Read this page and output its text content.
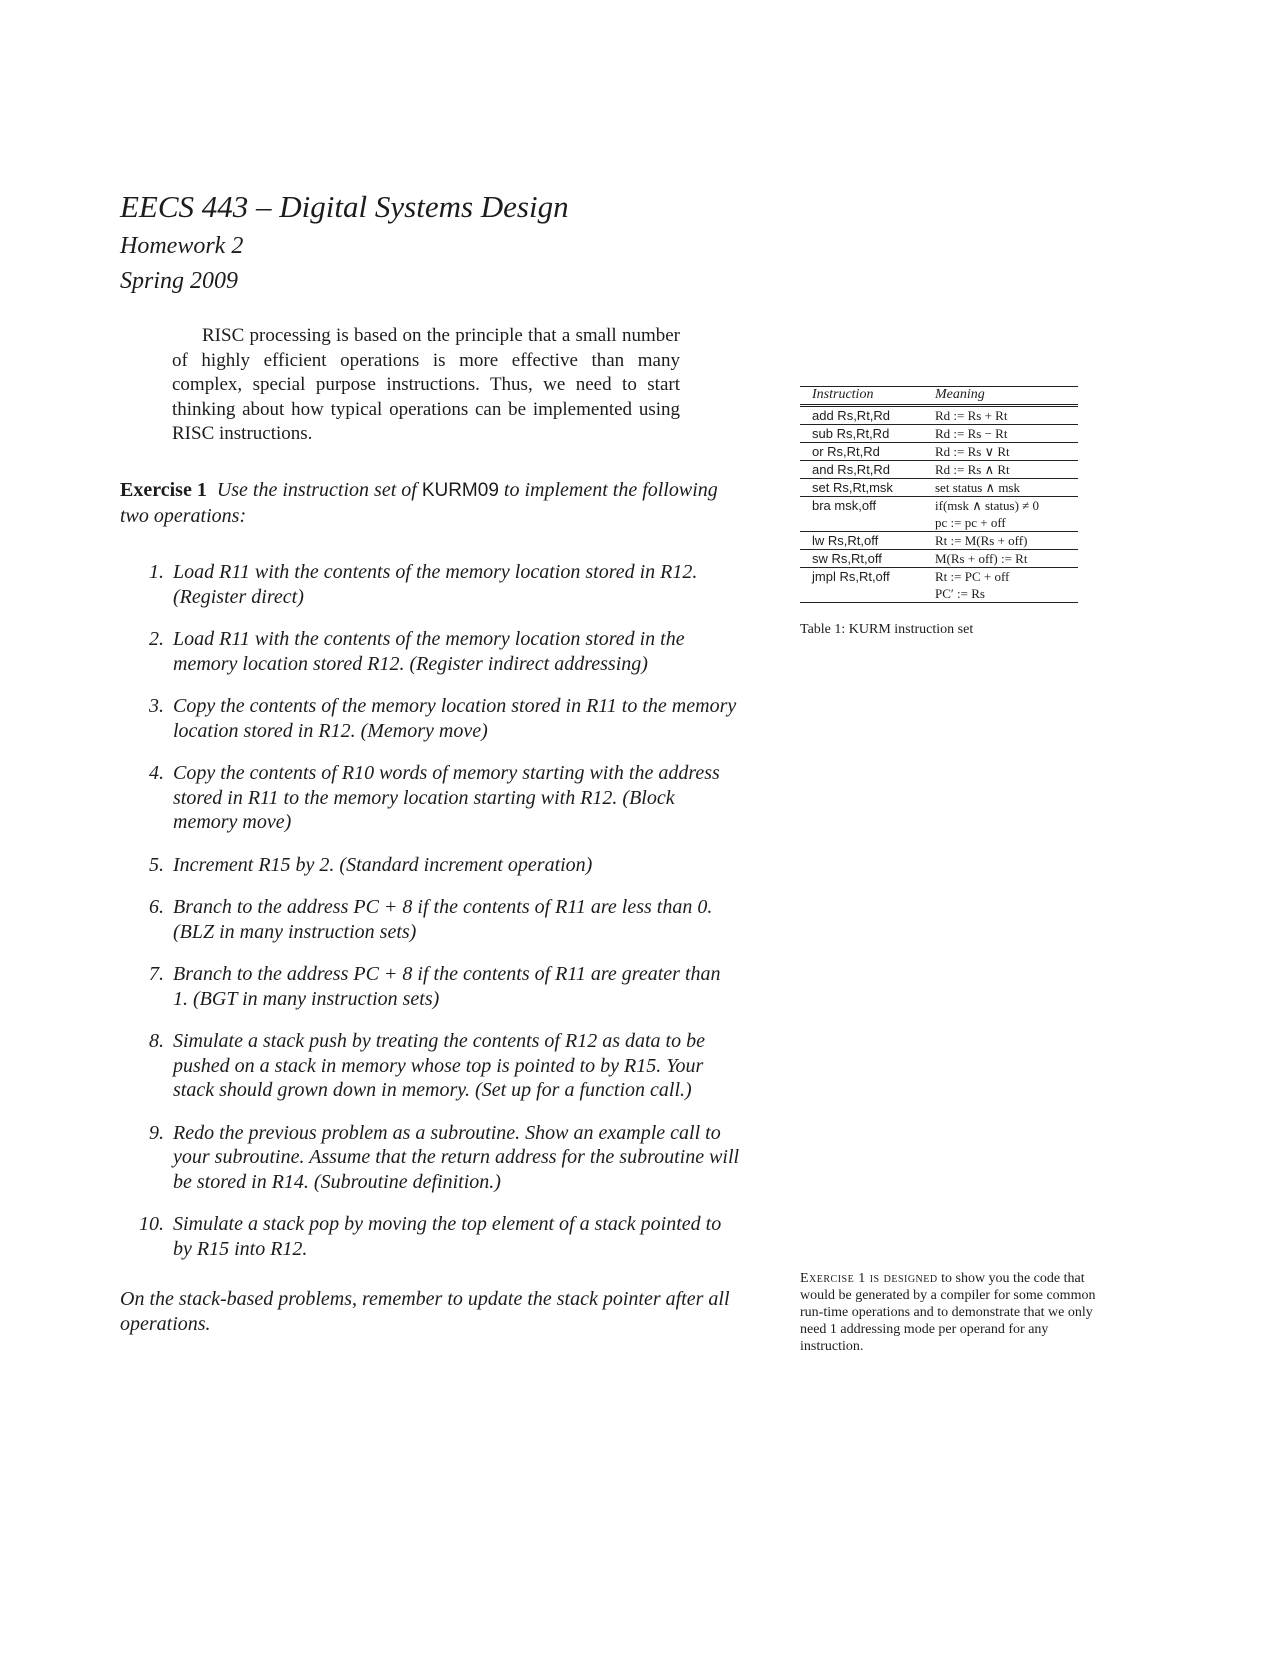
EECS 443 – Digital Systems Design
Homework 2
Spring 2009

RISC processing is based on the principle that a small number of highly efficient operations is more effective than many complex, special purpose instructions. Thus, we need to start thinking about how typical operations can be implemented using RISC instructions.

Exercise 1 Use the instruction set of KURM09 to implement the following two operations:

1. Load R11 with the contents of the memory location stored in R12. (Register direct)
2. Load R11 with the contents of the memory location stored in the memory location stored R12. (Register indirect addressing)
3. Copy the contents of the memory location stored in R11 to the memory location stored in R12. (Memory move)
4. Copy the contents of R10 words of memory starting with the address stored in R11 to the memory location starting with R12. (Block memory move)
5. Increment R15 by 2. (Standard increment operation)
6. Branch to the address PC + 8 if the contents of R11 are less than 0. (BLZ in many instruction sets)
7. Branch to the address PC + 8 if the contents of R11 are greater than 1. (BGT in many instruction sets)
8. Simulate a stack push by treating the contents of R12 as data to be pushed on a stack in memory whose top is pointed to by R15. Your stack should grown down in memory. (Set up for a function call.)
9. Redo the previous problem as a subroutine. Show an example call to your subroutine. Assume that the return address for the subroutine will be stored in R14. (Subroutine definition.)
10. Simulate a stack pop by moving the top element of a stack pointed to by R15 into R12.

On the stack-based problems, remember to update the stack pointer after all operations.

Instruction	Meaning
add Rs,Rt,Rd	Rd := Rs + Rt
sub Rs,Rt,Rd	Rd := Rs − Rt
or Rs,Rt,Rd	Rd := Rs ∨ Rt
and Rs,Rt,Rd	Rd := Rs ∧ Rt
set Rs,Rt,msk	set status ∧ msk
bra msk,off	if(msk ∧ status) ≠ 0
	pc := pc + off
lw Rs,Rt,off	Rt := M(Rs + off)
sw Rs,Rt,off	M(Rs + off) := Rt
jmpl Rs,Rt,off	Rt := PC + off
	PC′ := Rs

Table 1: KURM instruction set

Exercise 1 is designed to show you the code that would be generated by a compiler for some common run-time operations and to demonstrate that we only need 1 addressing mode per operand for any instruction.
